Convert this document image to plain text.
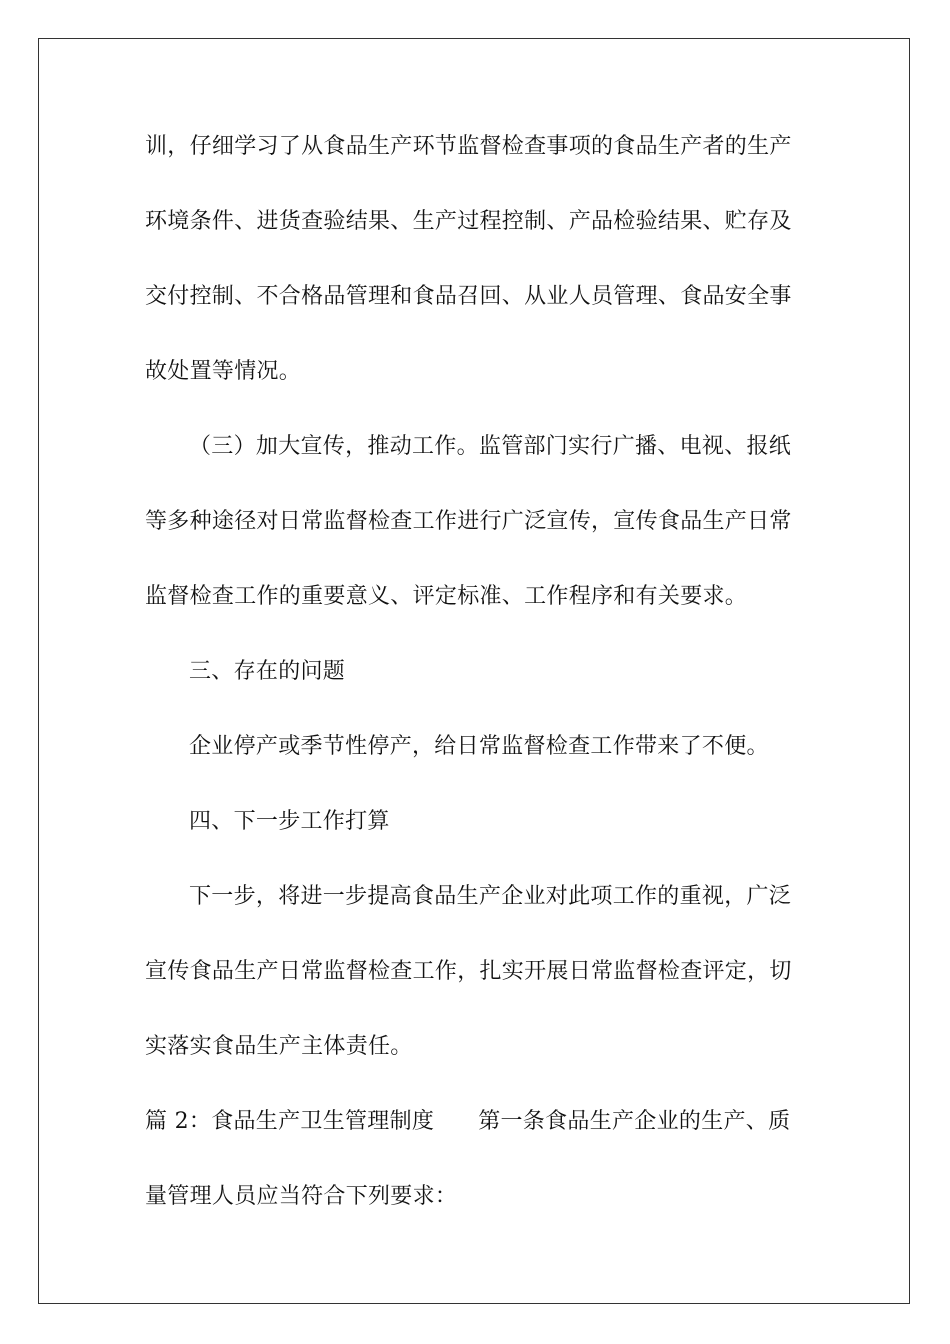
训，仔细学习了从食品生产环节监督检查事项的食品生产者的生产
环境条件、进货查验结果、生产过程控制、产品检验结果、贮存及
交付控制、不合格品管理和食品召回、从业人员管理、食品安全事
故处置等情况。
（三）加大宣传，推动工作。监管部门实行广播、电视、报纸
等多种途径对日常监督检查工作进行广泛宣传，宣传食品生产日常
监督检查工作的重要意义、评定标准、工作程序和有关要求。
三、存在的问题
企业停产或季节性停产，给日常监督检查工作带来了不便。
四、下一步工作打算
下一步，将进一步提高食品生产企业对此项工作的重视，广泛
宣传食品生产日常监督检查工作，扎实开展日常监督检查评定，切
实落实食品生产主体责任。
篇 2：食品生产卫生管理制度 第一条食品生产企业的生产、质
量管理人员应当符合下列要求：
